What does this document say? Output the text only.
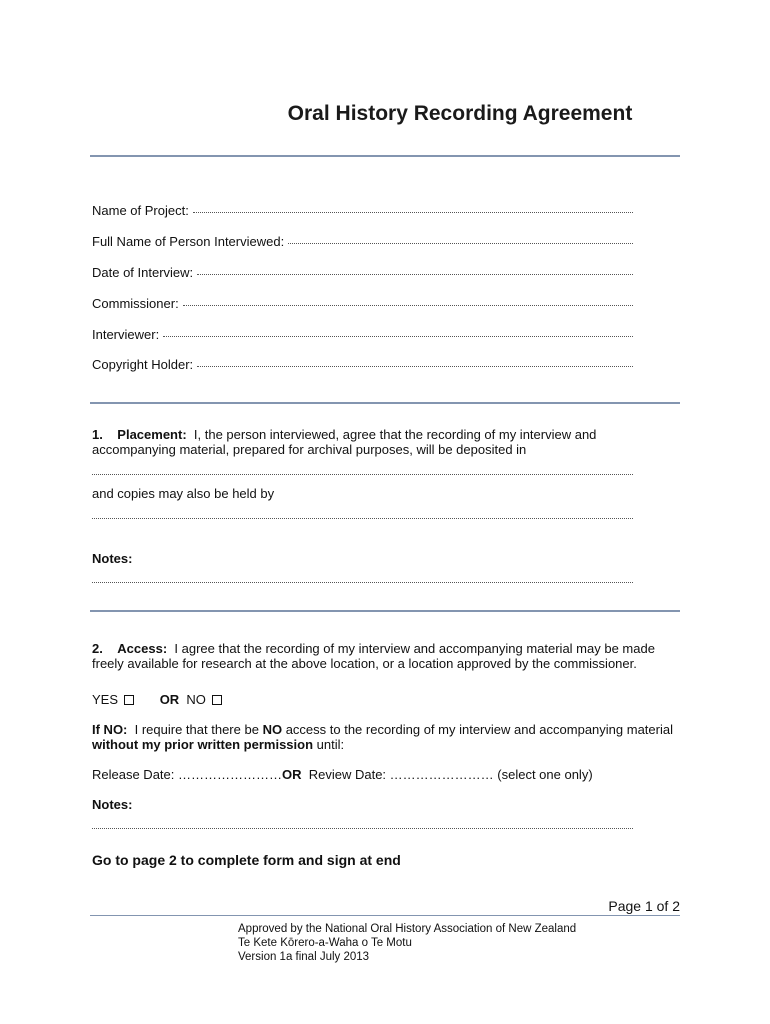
Oral History Recording Agreement
Name of Project:
Full Name of Person Interviewed:
Date of Interview:
Commissioner:
Interviewer:
Copyright Holder:
1. Placement: I, the person interviewed, agree that the recording of my interview and accompanying material, prepared for archival purposes, will be deposited in
and copies may also be held by
Notes:
2. Access: I agree that the recording of my interview and accompanying material may be made freely available for research at the above location, or a location approved by the commissioner.
YES	OR NO
If NO: I require that there be NO access to the recording of my interview and accompanying material without my prior written permission until:
Release Date: ……………………OR Review Date: …………………… (select one only)
Notes:
Go to page 2 to complete form and sign at end
Page 1 of 2
Approved by the National Oral History Association of New Zealand
Te Kete Kōrero-a-Waha o Te Motu
Version 1a final July 2013
